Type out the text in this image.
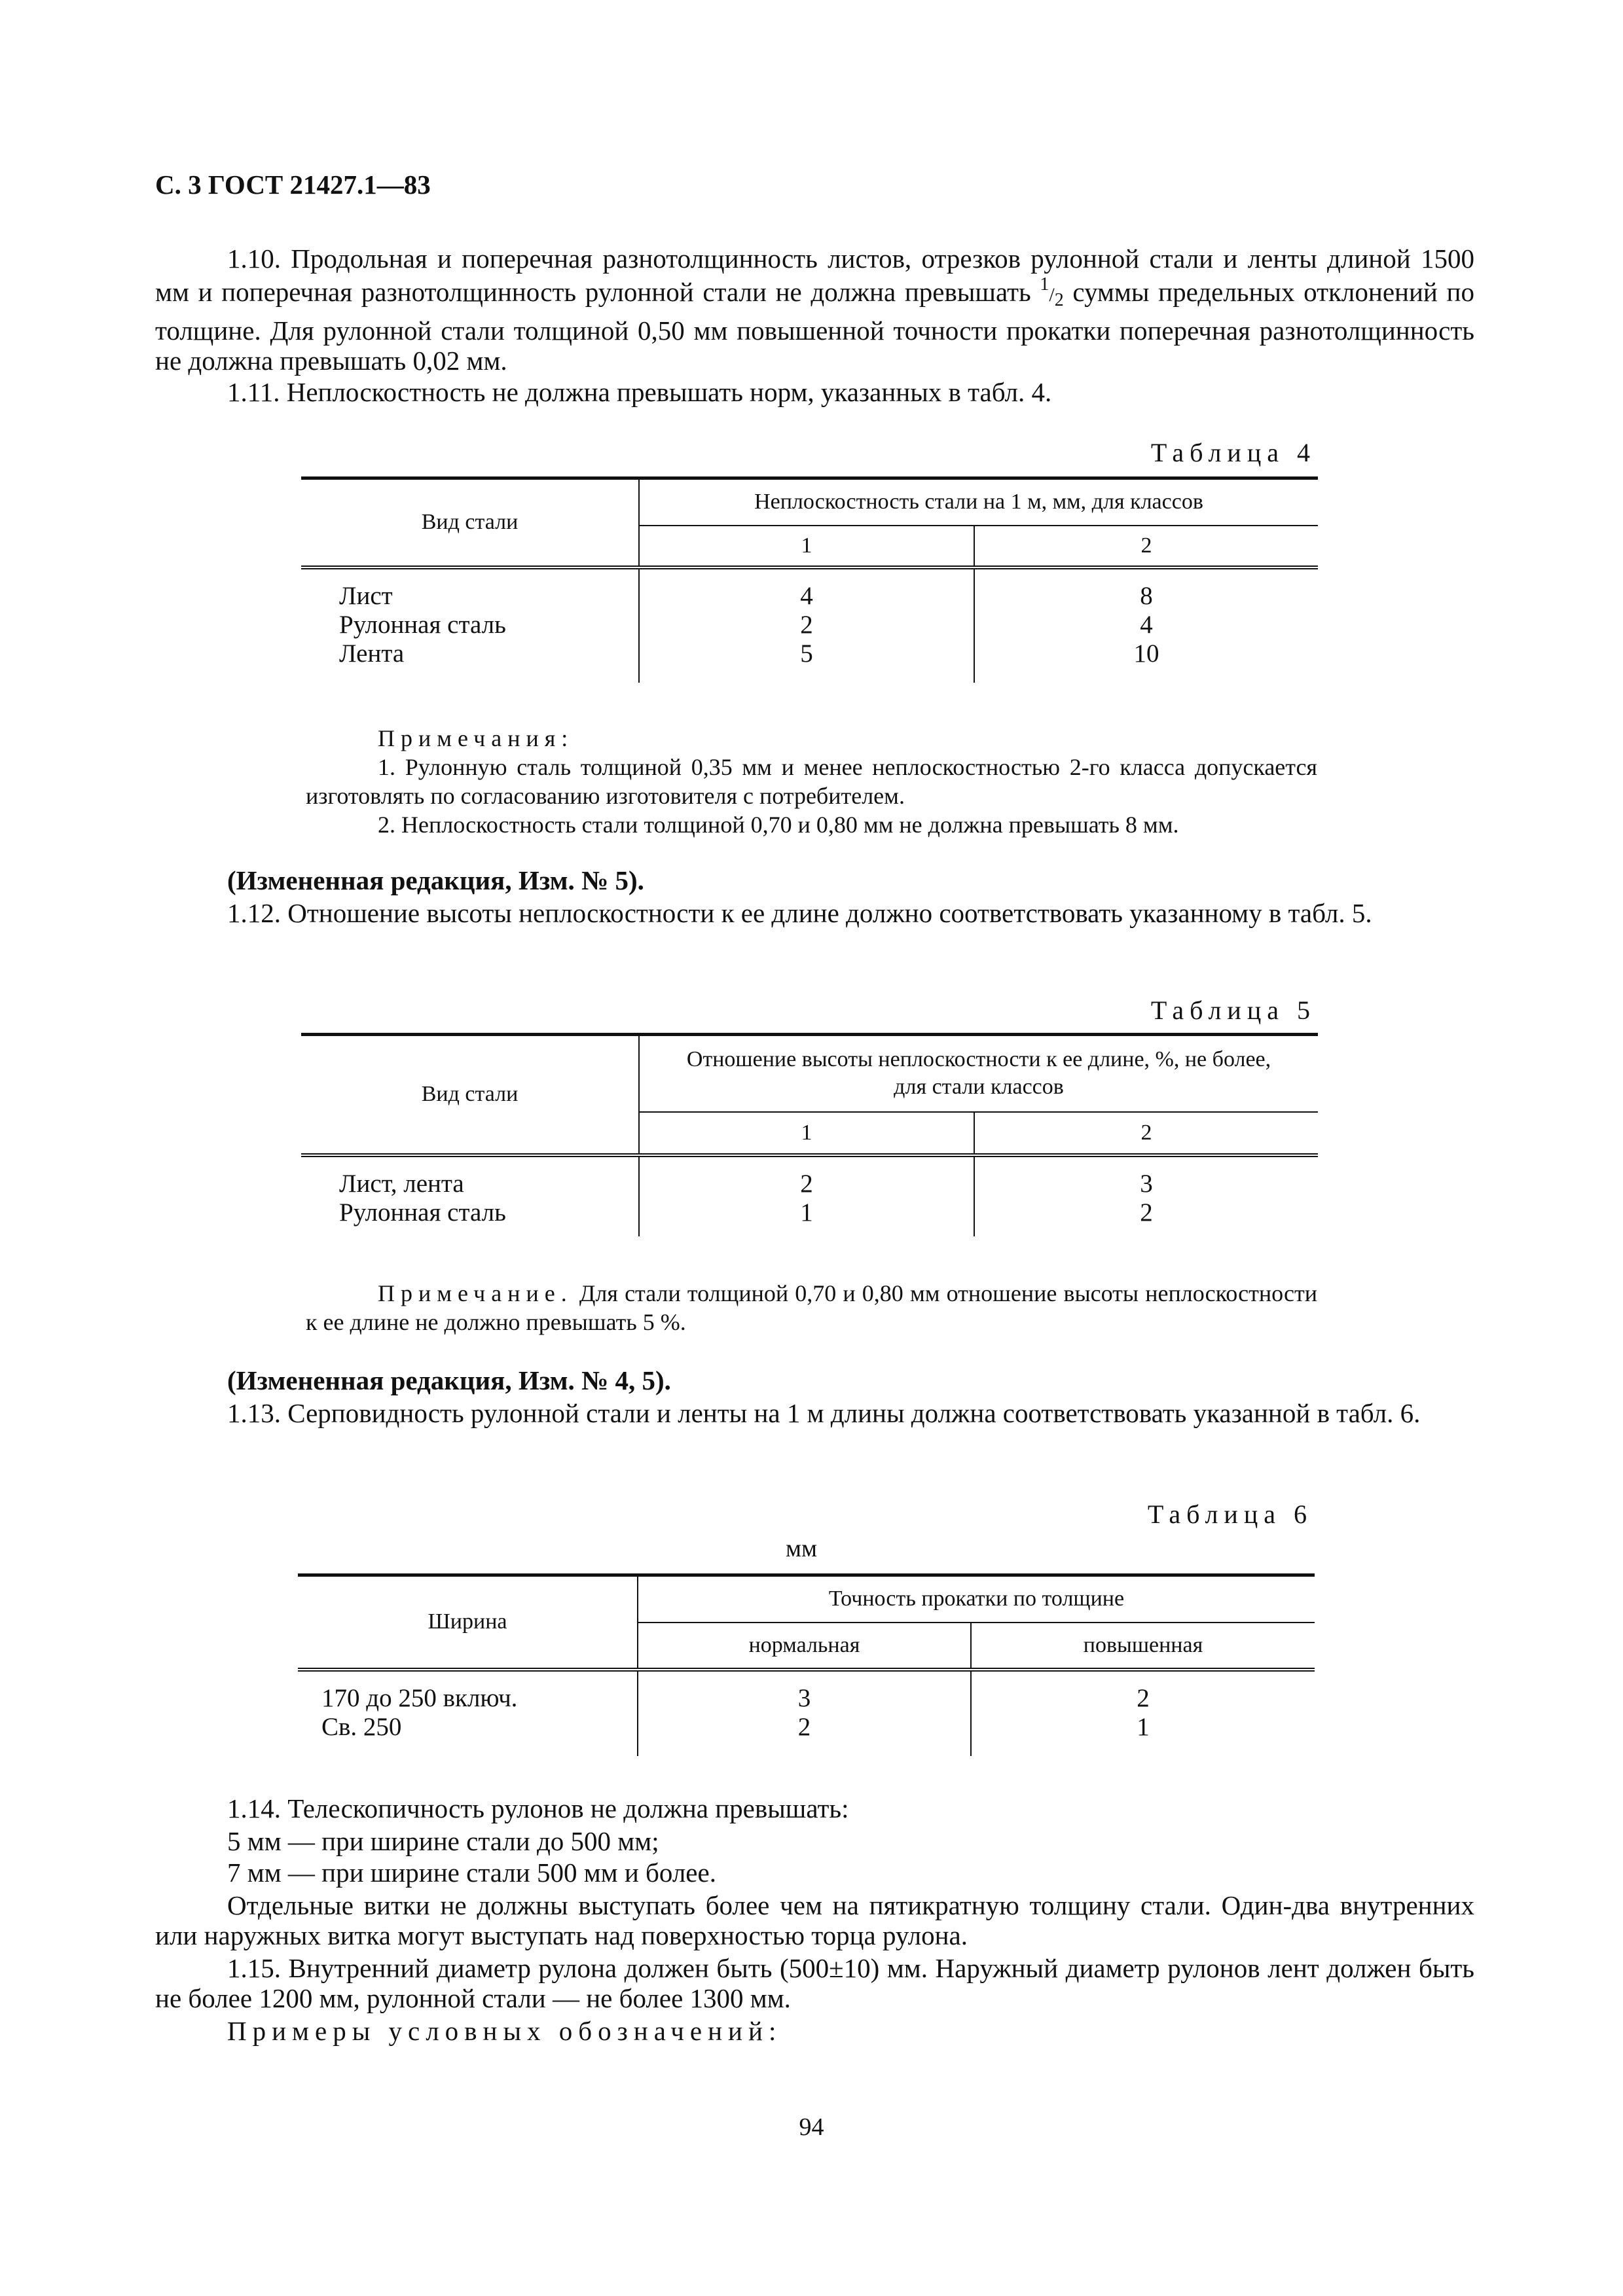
С. 3 ГОСТ 21427.1—83
1.10. Продольная и поперечная разнотолщинность листов, отрезков рулонной стали и ленты длиной 1500 мм и поперечная разнотолщинность рулонной стали не должна превышать $^1/_2$ суммы предельных отклонений по толщине. Для рулонной стали толщиной 0,50 мм повышенной точности прокатки поперечная разнотолщинность не должна превышать 0,02 мм.
1.11. Неплоскостность не должна превышать норм, указанных в табл. 4.
Таблица 4
Вид стали	Неплоскостность стали на 1 м, мм, для классов	
	1	2

Лист	4	8
Рулонная сталь	2	4
Лента	5	10

Примечания:
1. Рулонную сталь толщиной 0,35 мм и менее неплоскостностью 2-го класса допускается изготовлять по согласованию изготовителя с потребителем.
2. Неплоскостность стали толщиной 0,70 и 0,80 мм не должна превышать 8 мм.
(Измененная редакция, Изм. № 5).
1.12. Отношение высоты неплоскостности к ее длине должно соответствовать указанному в табл. 5.
Таблица 5
Вид стали	Отношение высоты неплоскостности к ее длине, %, не более, для стали классов	
	1	2

Лист, лента	2	3
Рулонная сталь	1	2

Примечание. Для стали толщиной 0,70 и 0,80 мм отношение высоты неплоскостности к ее длине не должно превышать 5 %.
(Измененная редакция, Изм. № 4, 5).
1.13. Серповидность рулонной стали и ленты на 1 м длины должна соответствовать указанной в табл. 6.
Таблица 6
мм
Ширина	Точность прокатки по толщине	
	нормальная	повышенная

170 до 250 включ.	3	2
Св. 250	2	1

1.14. Телескопичность рулонов не должна превышать:
5 мм — при ширине стали до 500 мм;
7 мм — при ширине стали 500 мм и более.
Отдельные витки не должны выступать более чем на пятикратную толщину стали. Один-два внутренних или наружных витка могут выступать над поверхностью торца рулона.
1.15. Внутренний диаметр рулона должен быть (500±10) мм. Наружный диаметр рулонов лент должен быть не более 1200 мм, рулонной стали — не более 1300 мм.
Примеры условных обозначений:
94
